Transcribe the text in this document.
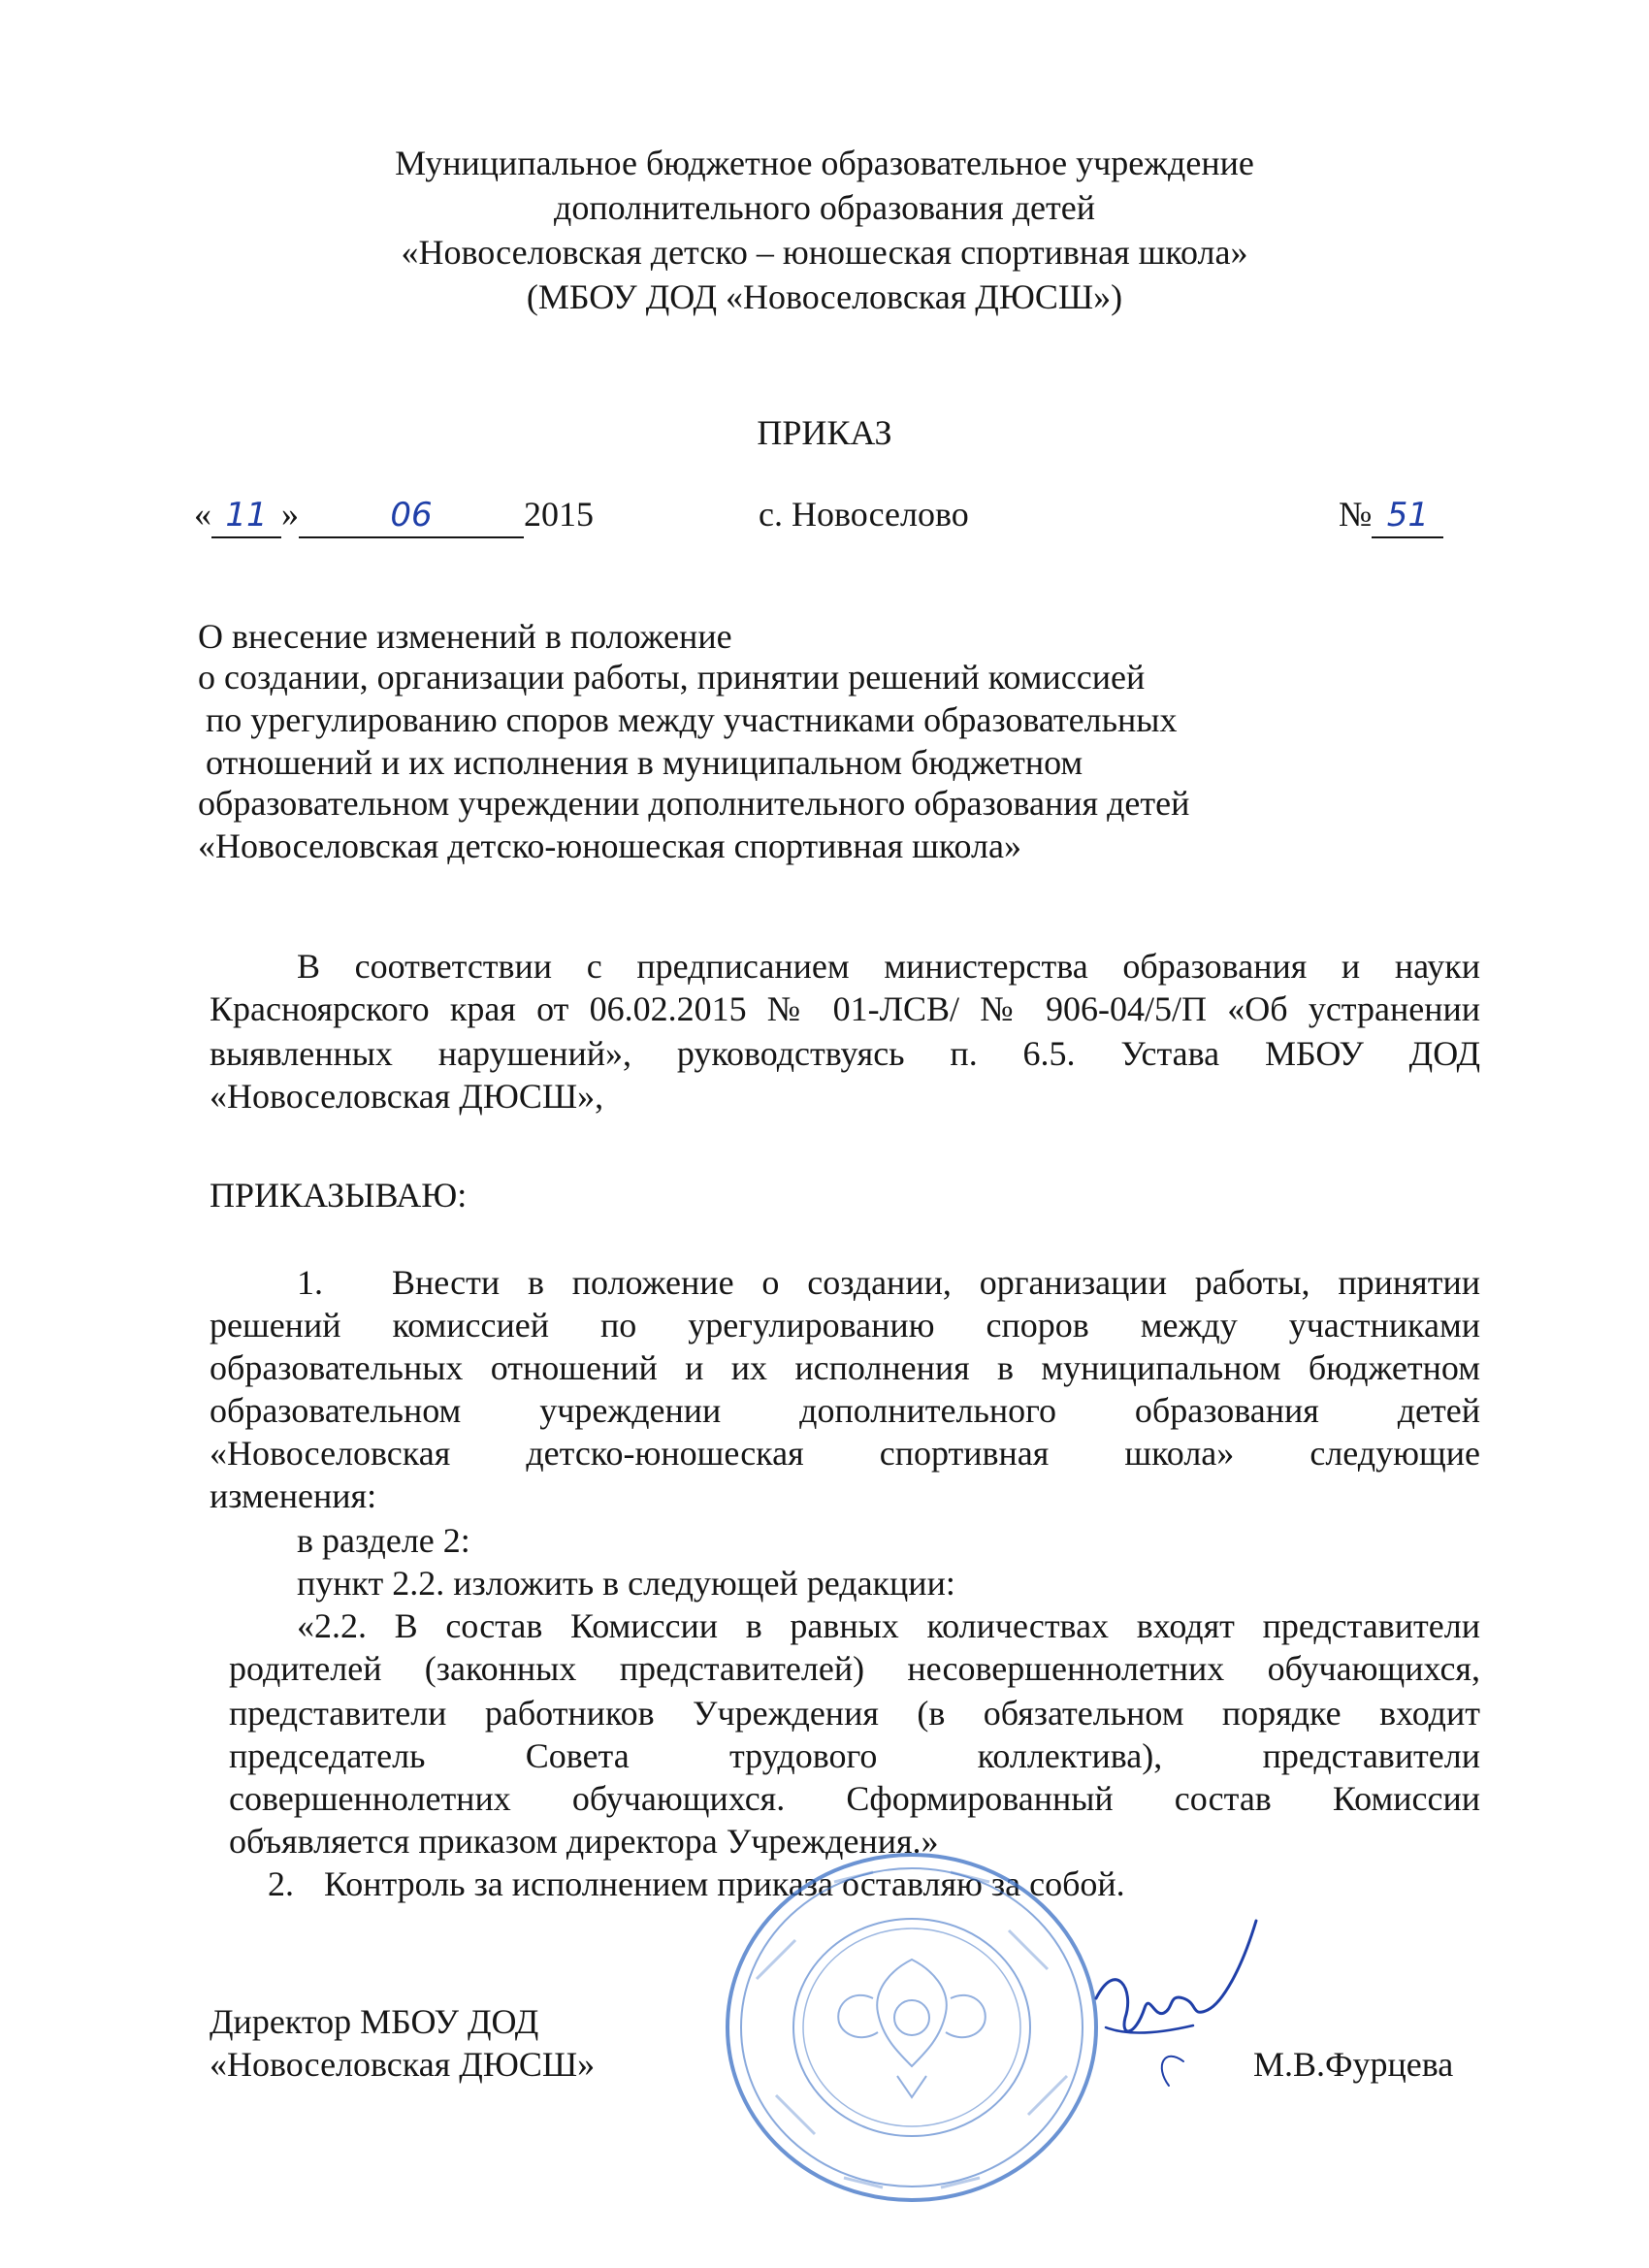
Муниципальное бюджетное образовательное учреждение
дополнительного образования детей
«Новоселовская детско – юношеская спортивная школа»
(МБОУ ДОД «Новоселовская ДЮСШ»)
ПРИКАЗ
« 11 »	06	2015	с. Новоселово	№ 51
О внесение изменений в положение
о создании, организации работы, принятии решений комиссией
по урегулированию споров между участниками образовательных
отношений и их исполнения в муниципальном бюджетном
образовательном учреждении дополнительного образования детей
«Новоселовская детско-юношеская спортивная школа»
В соответствии с предписанием министерства образования и науки
Красноярского края от 06.02.2015 № 01-ЛСВ/ № 906-04/5/П «Об устранении
выявленных нарушений», руководствуясь п. 6.5. Устава МБОУ ДОД
«Новоселовская ДЮСШ»,
ПРИКАЗЫВАЮ:
1. Внести в положение о создании, организации работы, принятии
решений комиссией по урегулированию споров между участниками
образовательных отношений и их исполнения в муниципальном бюджетном
образовательном учреждении дополнительного образования детей
«Новоселовская детско-юношеская спортивная школа» следующие
изменения:
в разделе 2:
пункт 2.2. изложить в следующей редакции:
«2.2. В состав Комиссии в равных количествах входят представители
родителей (законных представителей) несовершеннолетних обучающихся,
представители работников Учреждения (в обязательном порядке входит
председатель Совета трудового коллектива), представители
совершеннолетних обучающихся. Сформированный состав Комиссии
объявляется приказом директора Учреждения.»
2. Контроль за исполнением приказа оставляю за собой.
Директор МБОУ ДОД
«Новоселовская ДЮСШ»	М.В.Фурцева
